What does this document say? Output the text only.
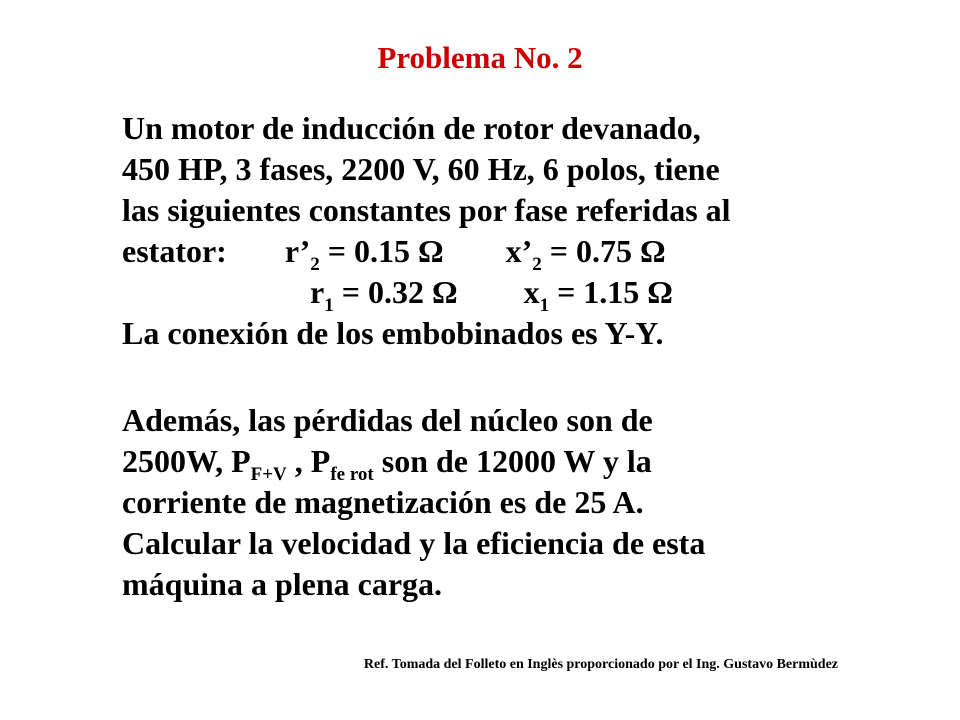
Problema No. 2
Un motor de inducción de rotor devanado,
450 HP, 3 fases, 2200 V, 60 Hz, 6 polos, tiene
las siguientes constantes por fase referidas al
estator: $r’_2 = 0.15$ Ω $x’_2 = 0.75$ Ω
$r_1 = 0.32$ Ω $x_1 = 1.15$ Ω
La conexión de los embobinados es Y-Y.
Además, las pérdidas del núcleo son de
2500W, $P_{F+V}$ , $P_{fe rot}$ son de 12000 W y la
corriente de magnetización es de 25 A.
Calcular la velocidad y la eficiencia de esta
máquina a plena carga.
Ref. Tomada del Folleto en Inglès proporcionado por el Ing. Gustavo Bermùdez
